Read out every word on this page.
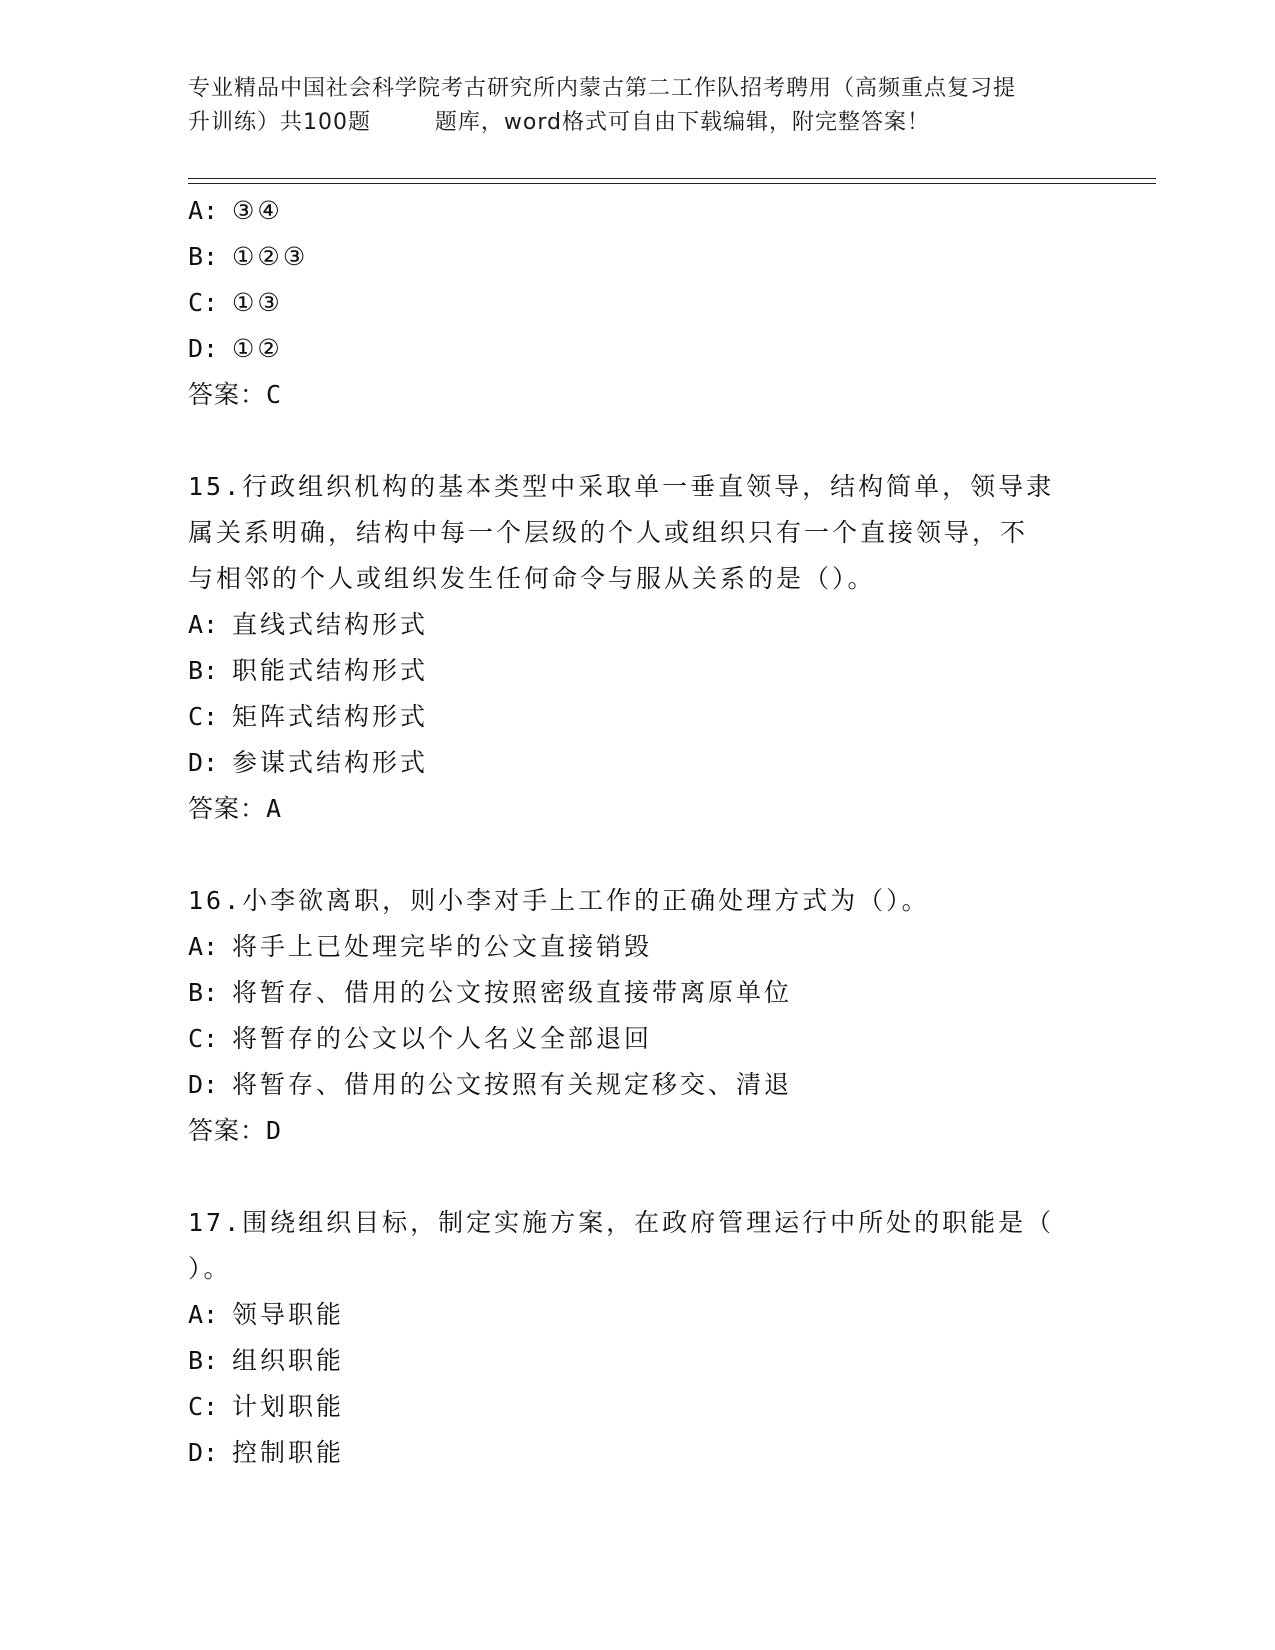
专业精品中国社会科学院考古研究所内蒙古第二工作队招考聘用（高频重点复习提
升训练）共100题        题库，word格式可自由下载编辑，附完整答案！
A: ③④
B: ①②③
C: ①③
D: ①②
答案：C
15.行政组织机构的基本类型中采取单一垂直领导，结构简单，领导隶
属关系明确，结构中每一个层级的个人或组织只有一个直接领导，不
与相邻的个人或组织发生任何命令与服从关系的是（）。
A: 直线式结构形式
B: 职能式结构形式
C: 矩阵式结构形式
D: 参谋式结构形式
答案：A
16.小李欲离职，则小李对手上工作的正确处理方式为（）。
A: 将手上已处理完毕的公文直接销毁
B: 将暂存、借用的公文按照密级直接带离原单位
C: 将暂存的公文以个人名义全部退回
D: 将暂存、借用的公文按照有关规定移交、清退
答案：D
17.围绕组织目标，制定实施方案，在政府管理运行中所处的职能是（
）。
A: 领导职能
B: 组织职能
C: 计划职能
D: 控制职能
